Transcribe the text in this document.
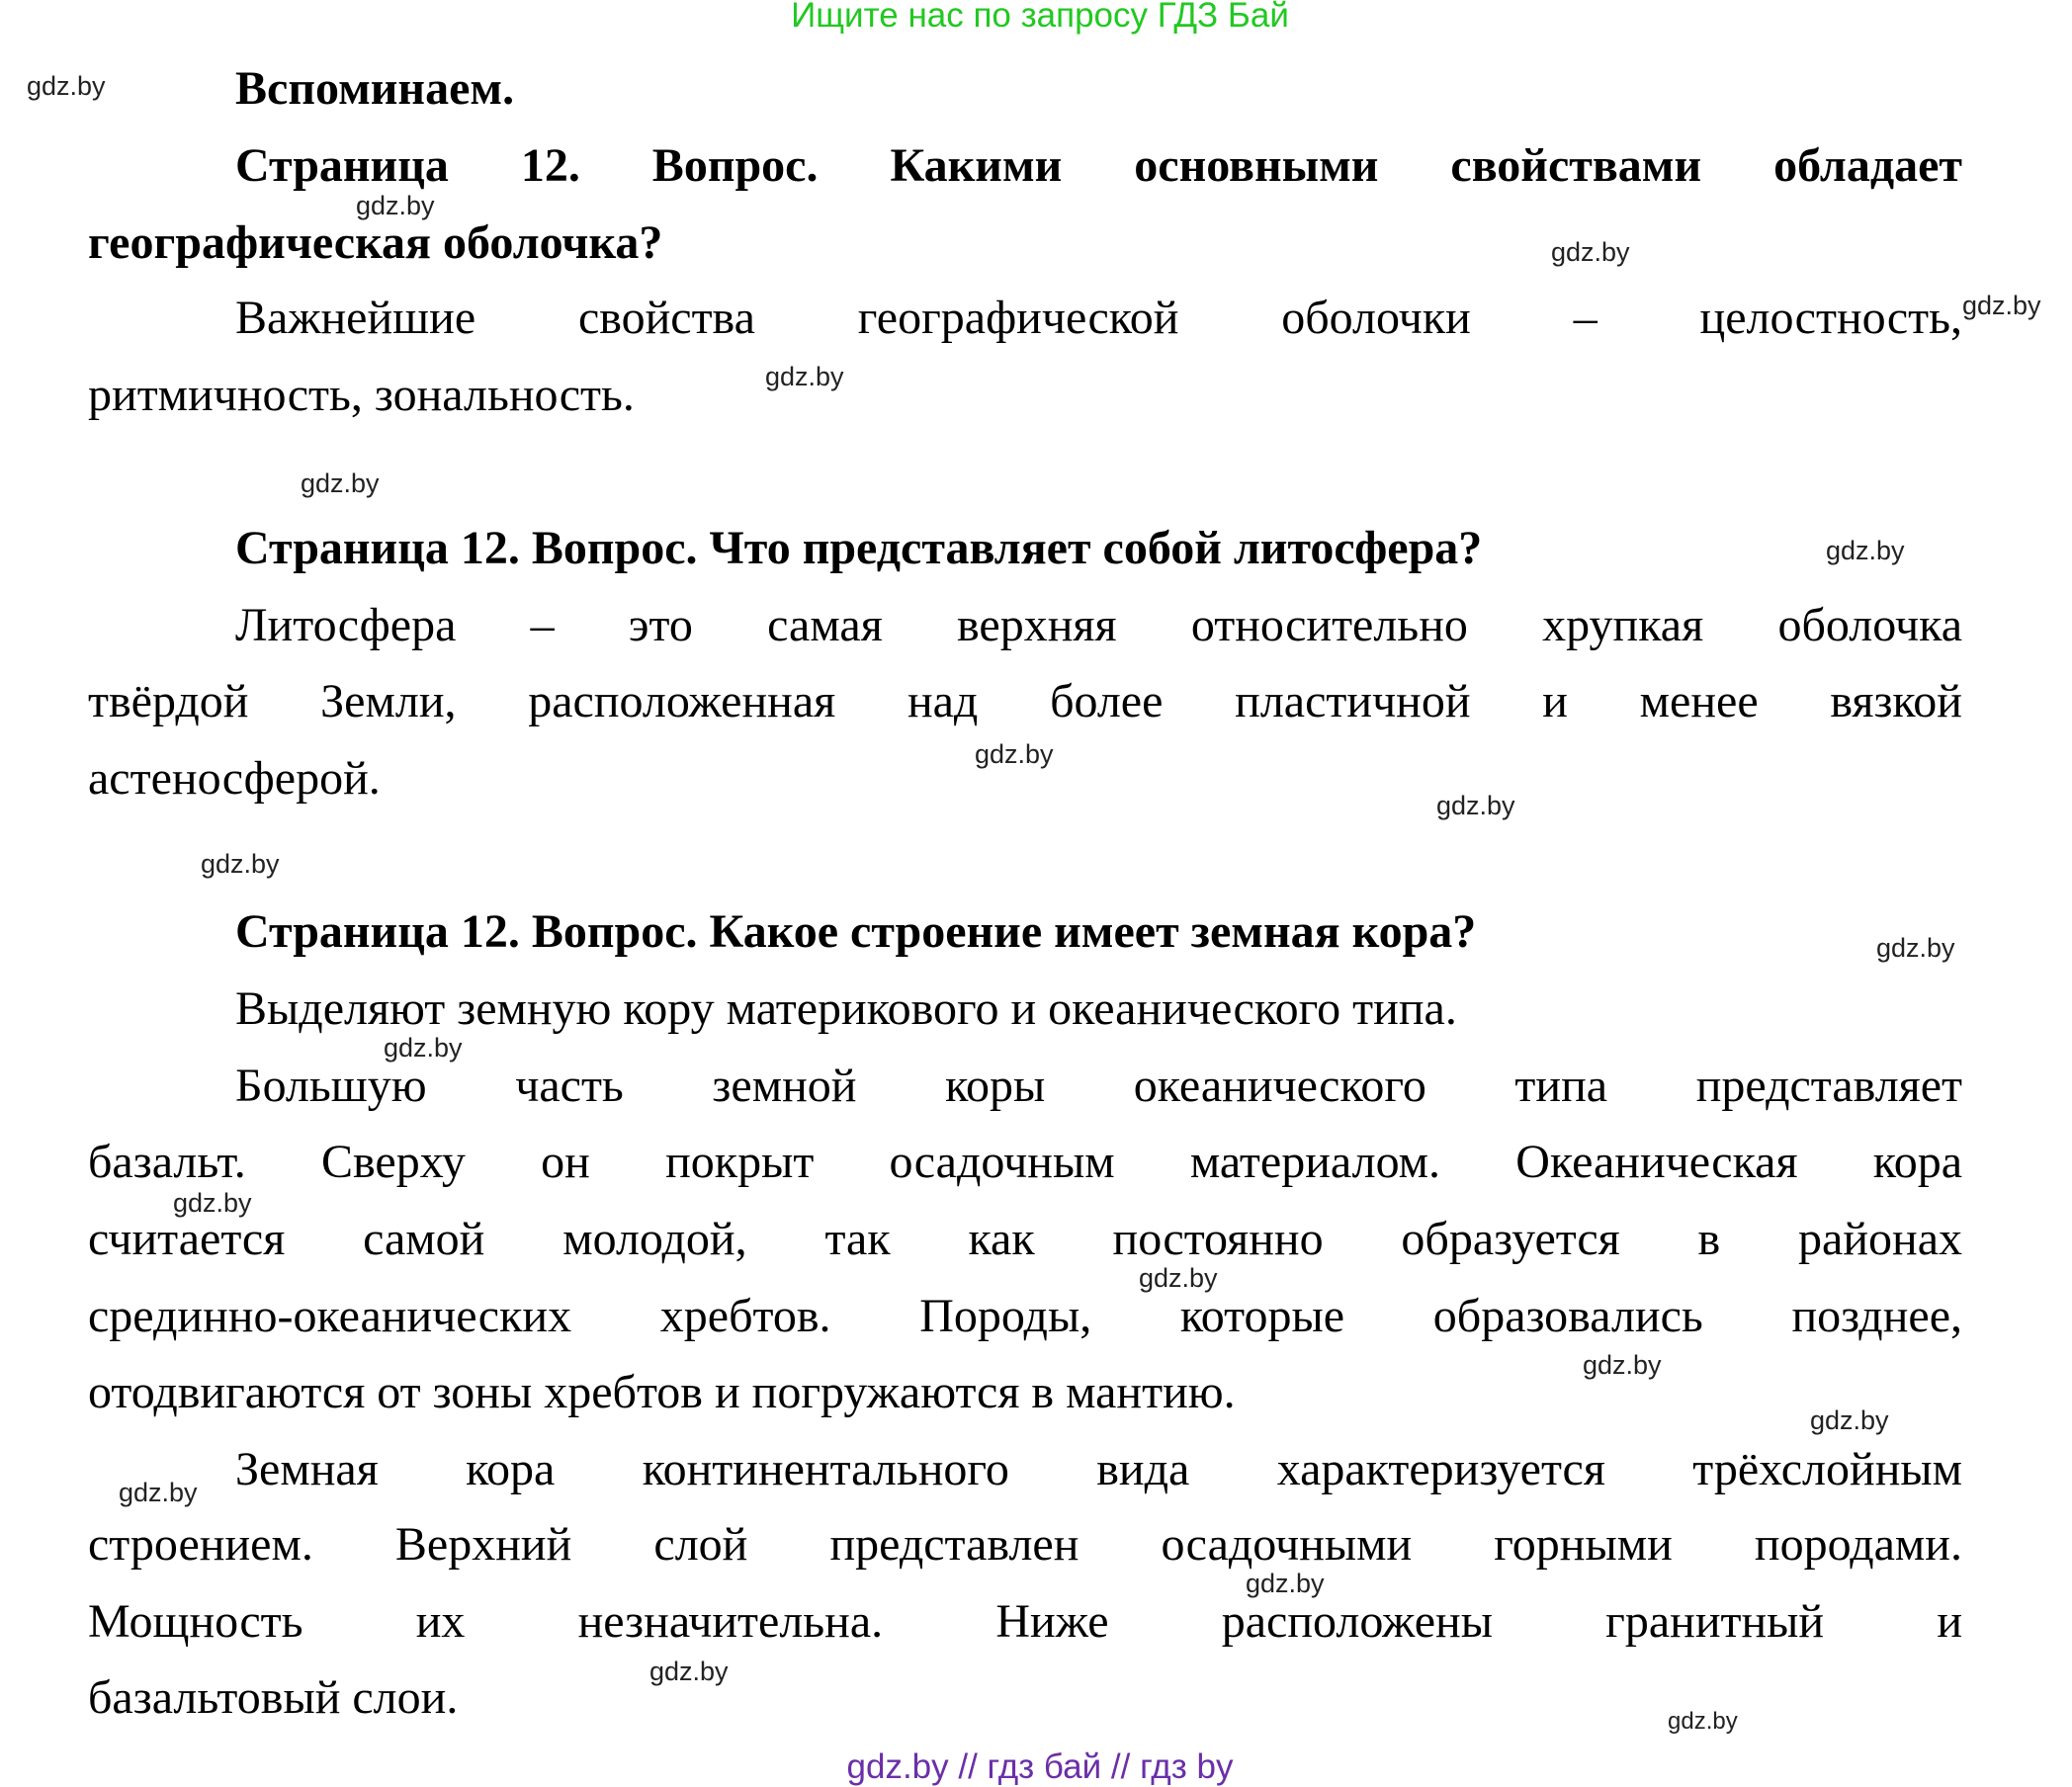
Ищите нас по запросу ГДЗ Бай
Вспоминаем.
Страница 12. Вопрос. Какими основными свойствами обладает
географическая оболочка?
Важнейшие свойства географической оболочки – целостность,
ритмичность, зональность.
Страница 12. Вопрос. Что представляет собой литосфера?
Литосфера – это самая верхняя относительно хрупкая оболочка
твёрдой Земли, расположенная над более пластичной и менее вязкой
астеносферой.
Страница 12. Вопрос. Какое строение имеет земная кора?
Выделяют земную кору материкового и океанического типа.
Большую часть земной коры океанического типа представляет
базальт. Сверху он покрыт осадочным материалом. Океаническая кора
считается самой молодой, так как постоянно образуется в районах
срединно-океанических хребтов. Породы, которые образовались позднее,
отодвигаются от зоны хребтов и погружаются в мантию.
Земная кора континентального вида характеризуется трёхслойным
строением. Верхний слой представлен осадочными горными породами.
Мощность их незначительна. Ниже расположены гранитный и
базальтовый слои.
gdz.by
gdz.by
gdz.by
gdz.by
gdz.by
gdz.by
gdz.by
gdz.by
gdz.by
gdz.by
gdz.by
gdz.by
gdz.by
gdz.by
gdz.by
gdz.by
gdz.by
gdz.by
gdz.by
gdz.by
gdz.by // гдз бай // гдз by
